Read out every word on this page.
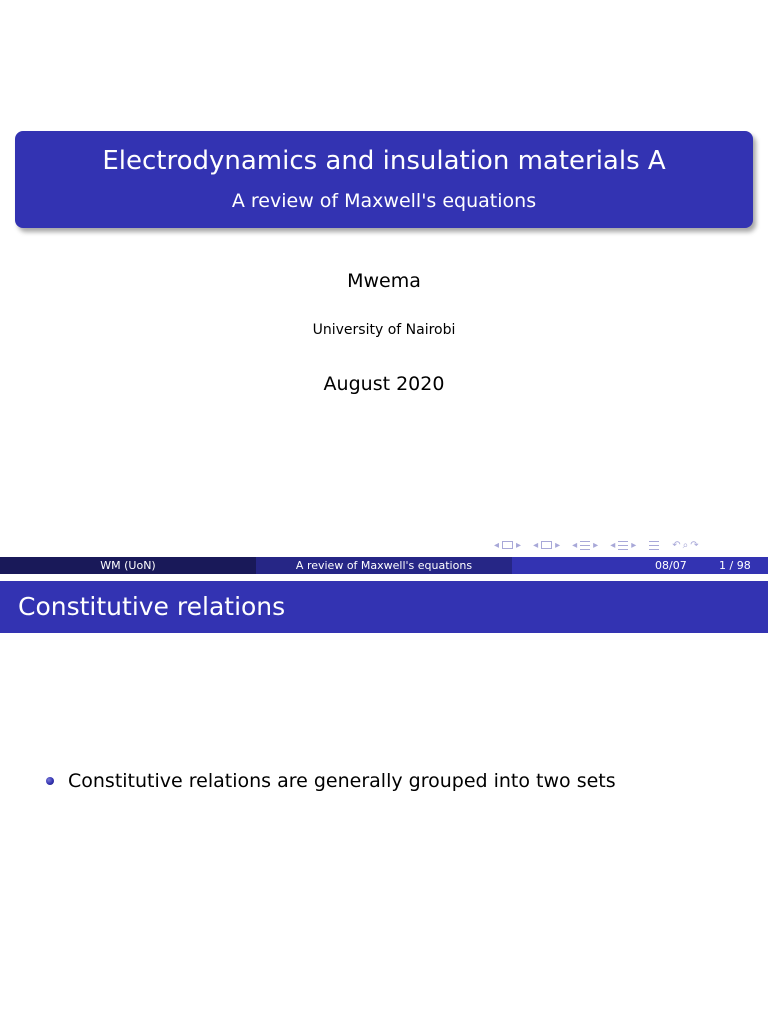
Electrodynamics and insulation materials A
A review of Maxwell's equations
Mwema
University of Nairobi
August 2020
◂ ▸ ◂ ▸ ◂ ▸ ◂ ▸	↶ ⌕ ↷
WM (UoN)	A review of Maxwell's equations	08/07	1 / 98
Constitutive relations
Constitutive relations are generally grouped into two sets
